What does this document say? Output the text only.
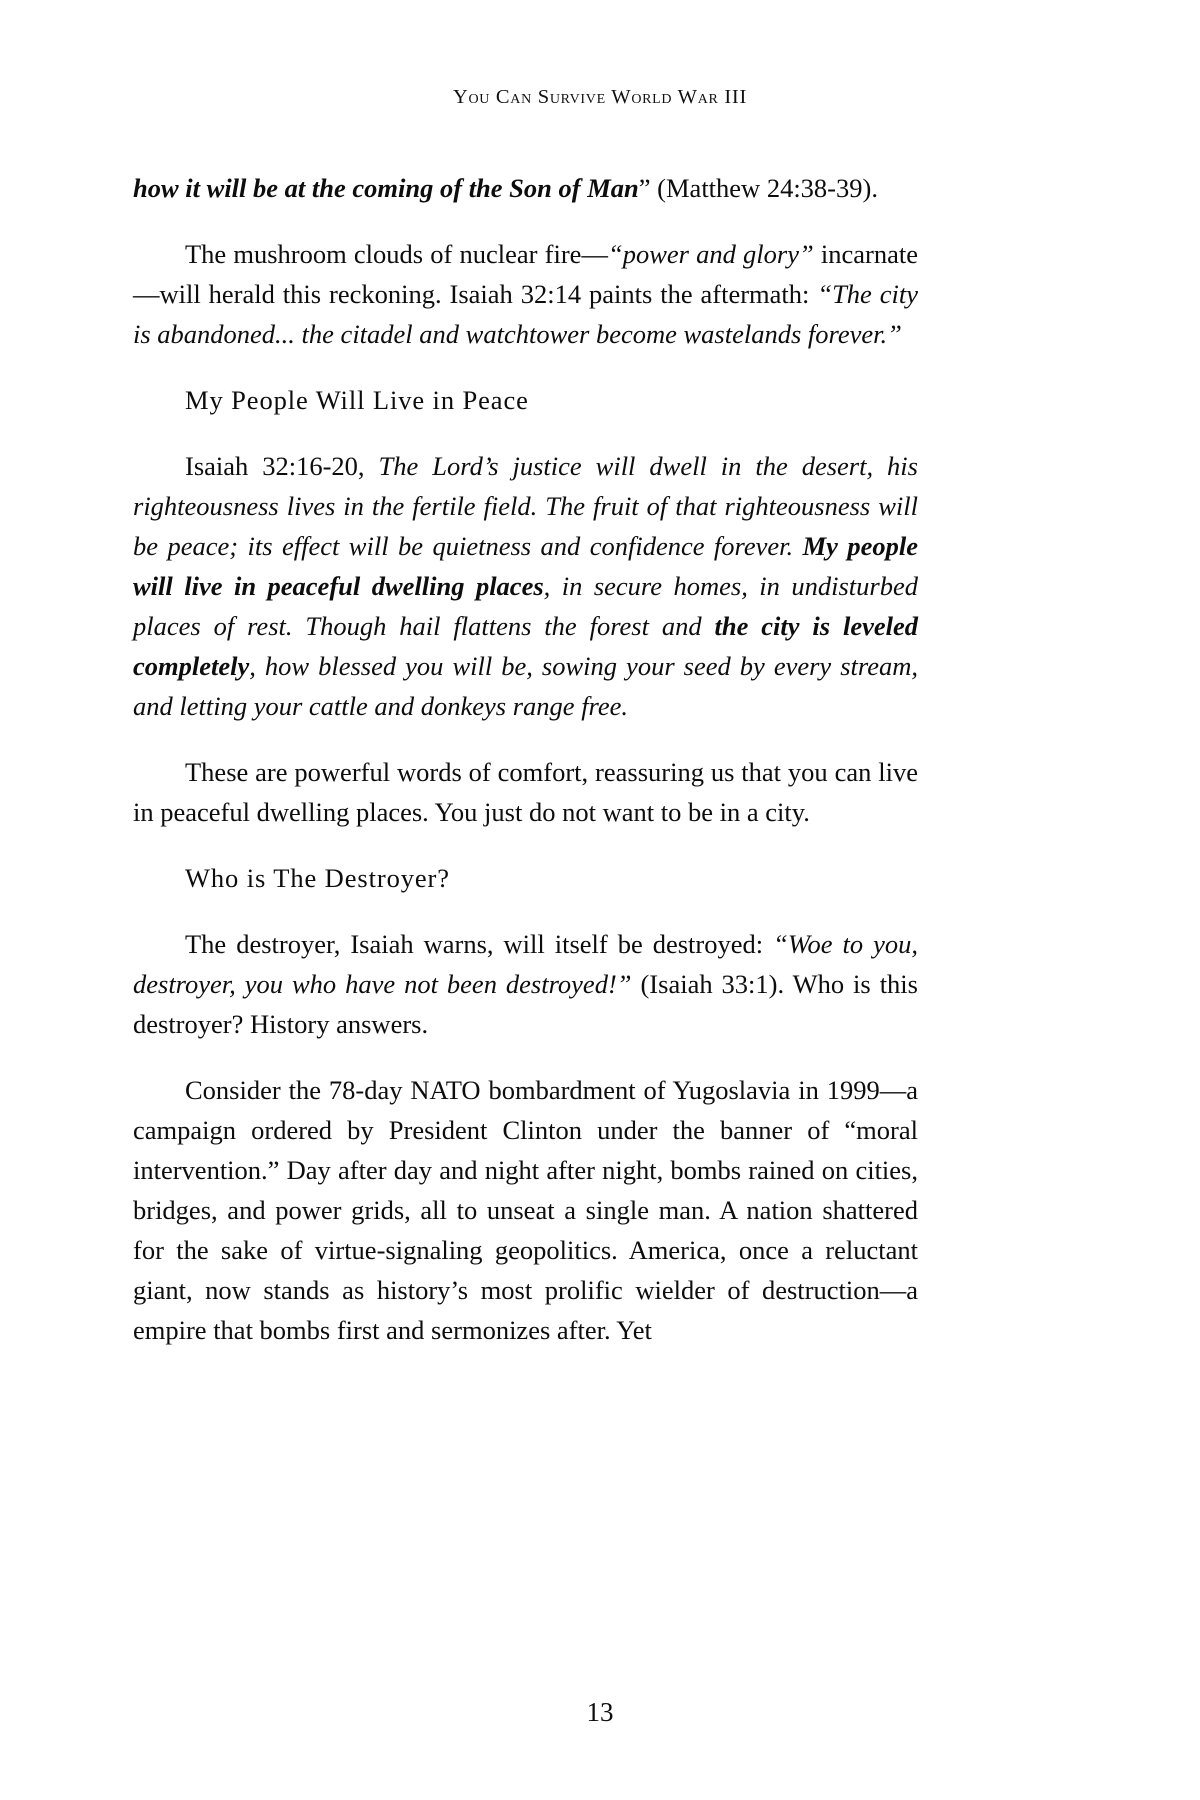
You Can Survive World War III

how it will be at the coming of the Son of Man” (Matthew 24:38-39).

The mushroom clouds of nuclear fire—“power and glory” incarnate—will herald this reckoning. Isaiah 32:14 paints the aftermath: “The city is abandoned... the citadel and watchtower become wastelands forever.”

My People Will Live in Peace

Isaiah 32:16-20, The Lord’s justice will dwell in the desert, his righteousness lives in the fertile field. The fruit of that righteousness will be peace; its effect will be quietness and confidence forever. My people will live in peaceful dwelling places, in secure homes, in undisturbed places of rest. Though hail flattens the forest and the city is leveled completely, how blessed you will be, sowing your seed by every stream, and letting your cattle and donkeys range free.

These are powerful words of comfort, reassuring us that you can live in peaceful dwelling places. You just do not want to be in a city.

Who is The Destroyer?

The destroyer, Isaiah warns, will itself be destroyed: “Woe to you, destroyer, you who have not been destroyed!” (Isaiah 33:1). Who is this destroyer? History answers.

Consider the 78-day NATO bombardment of Yugoslavia in 1999—a campaign ordered by President Clinton under the banner of “moral intervention.” Day after day and night after night, bombs rained on cities, bridges, and power grids, all to unseat a single man. A nation shattered for the sake of virtue-signaling geopolitics. America, once a reluctant giant, now stands as history’s most prolific wielder of destruction—a empire that bombs first and sermonizes after. Yet

13
